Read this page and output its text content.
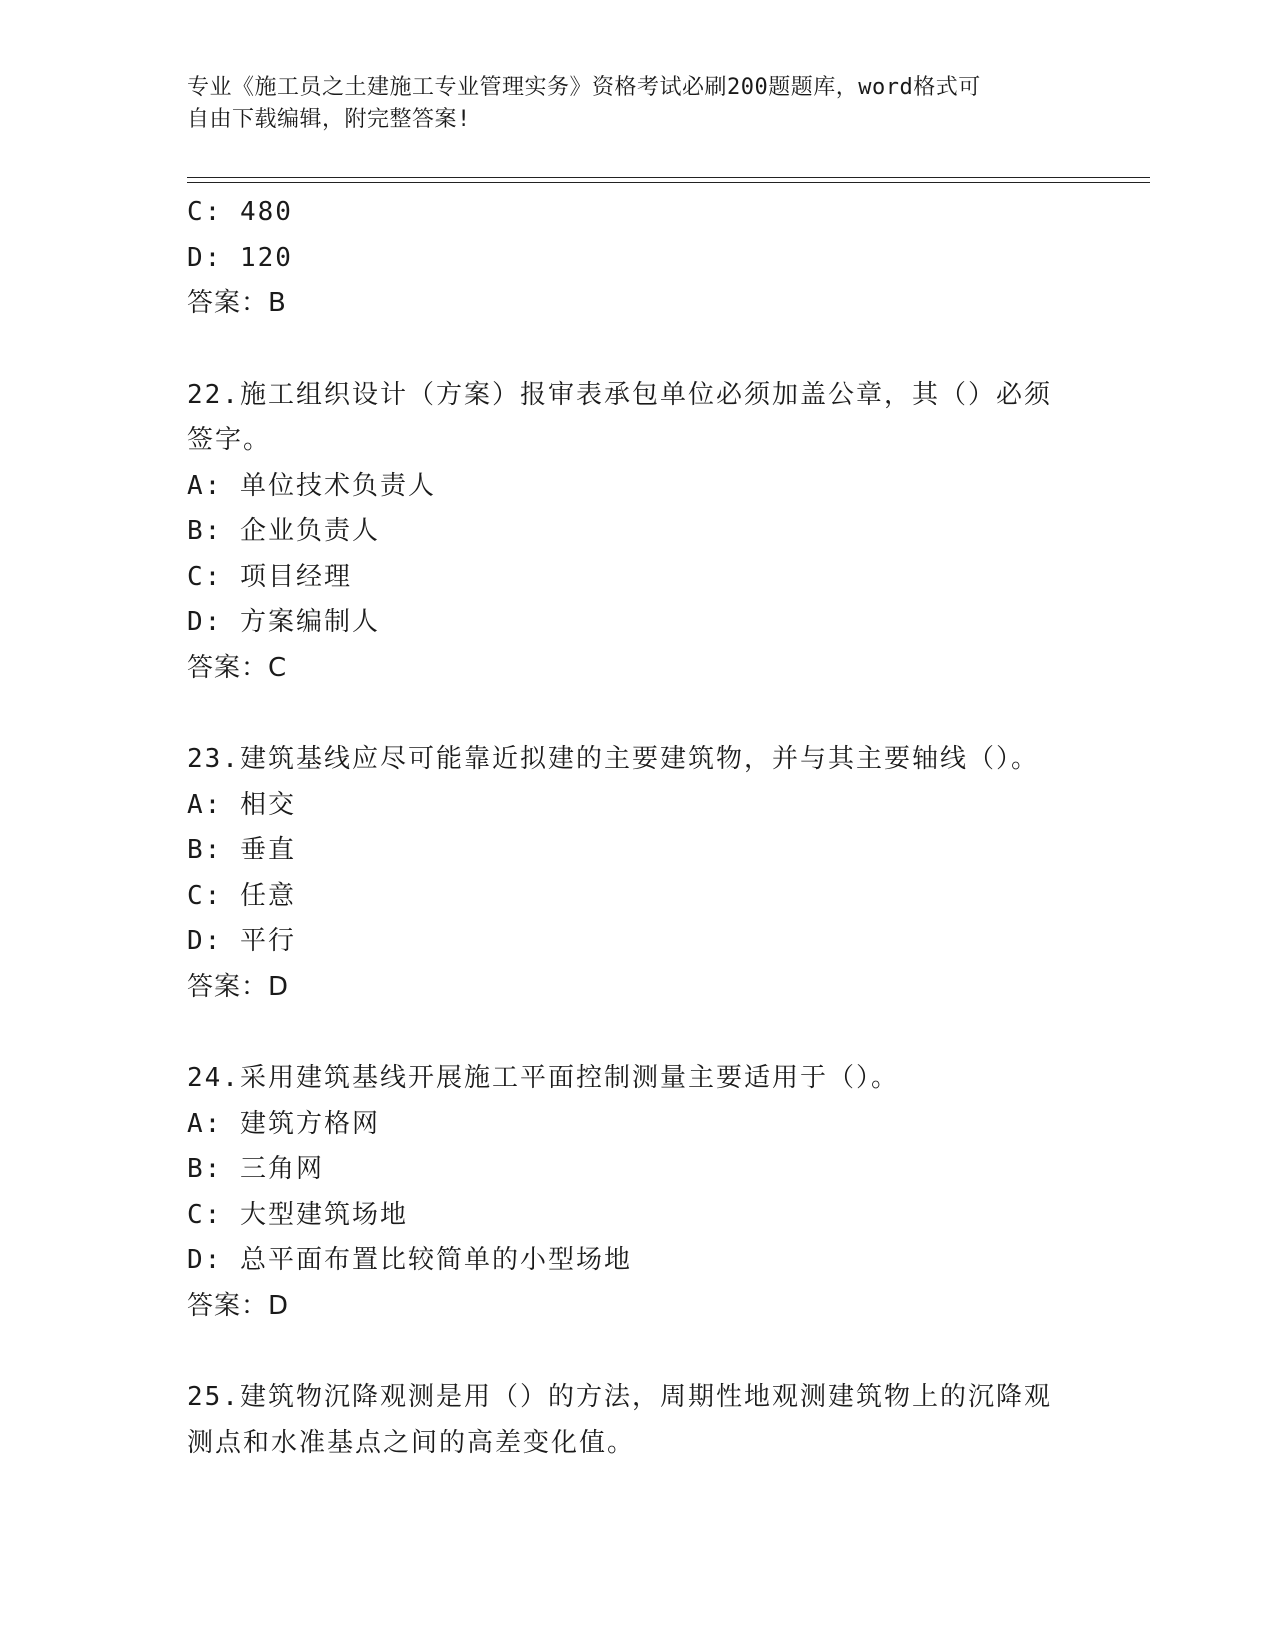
专业《施工员之土建施工专业管理实务》资格考试必刷200题题库，word格式可
自由下载编辑，附完整答案!
C: 480
D: 120
答案：B
22.施工组织设计（方案）报审表承包单位必须加盖公章，其（）必须
签字。
A: 单位技术负责人
B: 企业负责人
C: 项目经理
D: 方案编制人
答案：C
23.建筑基线应尽可能靠近拟建的主要建筑物，并与其主要轴线（）。
A: 相交
B: 垂直
C: 任意
D: 平行
答案：D
24.采用建筑基线开展施工平面控制测量主要适用于（）。
A: 建筑方格网
B: 三角网
C: 大型建筑场地
D: 总平面布置比较简单的小型场地
答案：D
25.建筑物沉降观测是用（）的方法，周期性地观测建筑物上的沉降观
测点和水准基点之间的高差变化值。
